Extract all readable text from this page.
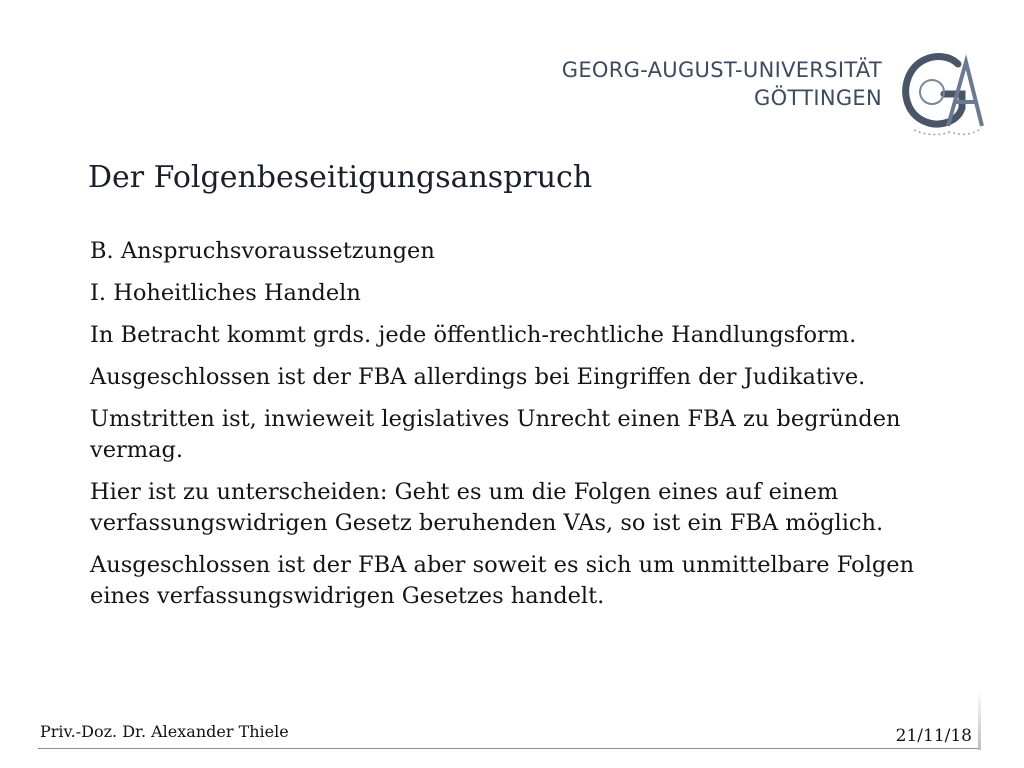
GEORG-AUGUST-UNIVERSITÄT
GÖTTINGEN
Der Folgenbeseitigungsanspruch

B. Anspruchsvoraussetzungen

I. Hoheitliches Handeln

In Betracht kommt grds. jede öffentlich-rechtliche Handlungsform.

Ausgeschlossen ist der FBA allerdings bei Eingriffen der Judikative.

Umstritten ist, inwieweit legislatives Unrecht einen FBA zu begründen vermag.

Hier ist zu unterscheiden: Geht es um die Folgen eines auf einem verfassungswidrigen Gesetz beruhenden VAs, so ist ein FBA möglich.

Ausgeschlossen ist der FBA aber soweit es sich um unmittelbare Folgen eines verfassungswidrigen Gesetzes handelt.

Priv.-Doz. Dr. Alexander Thiele	21/11/18
